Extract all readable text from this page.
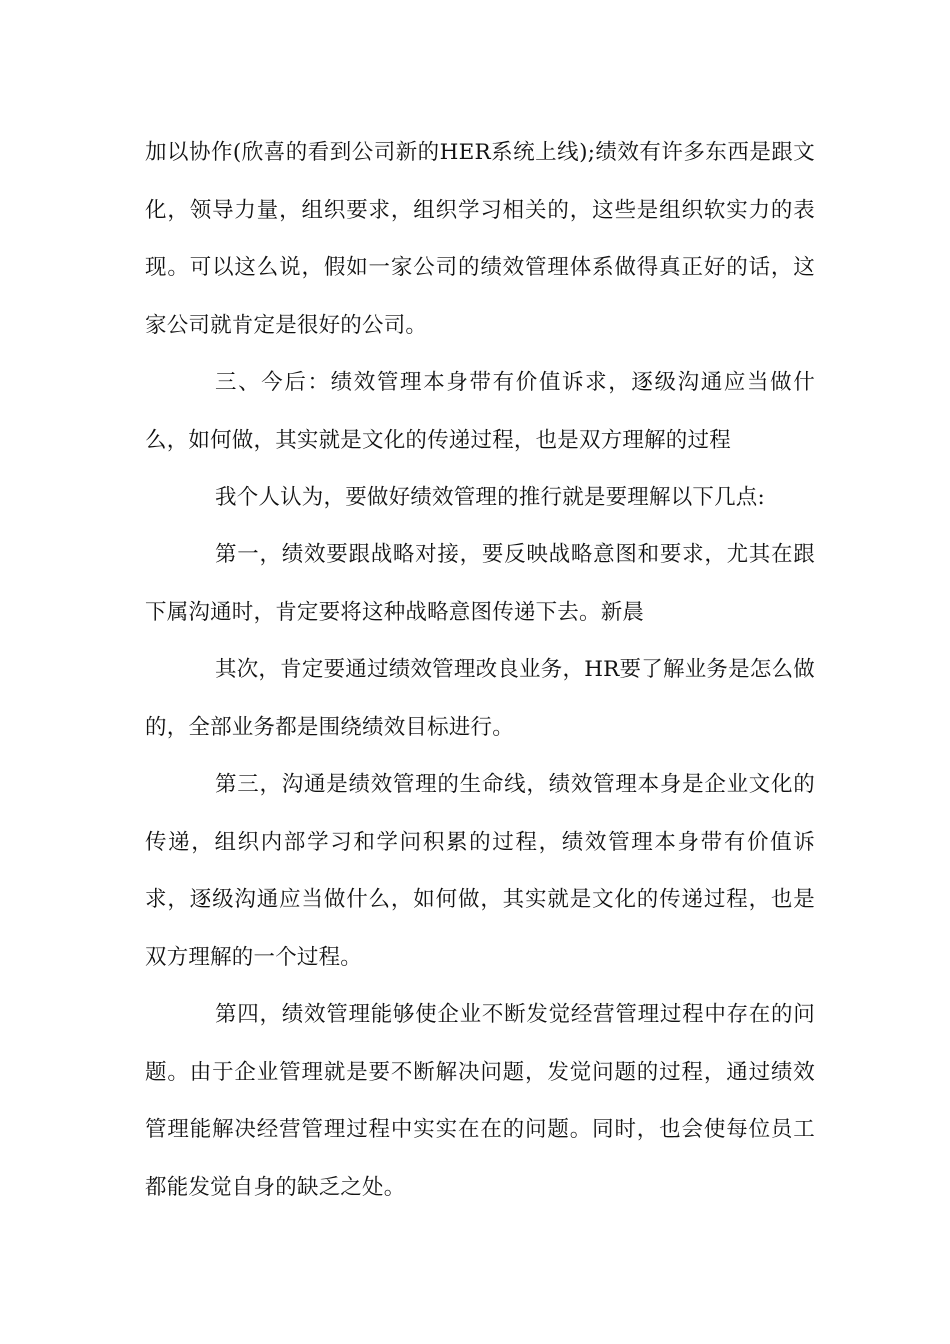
加以协作(欣喜的看到公司新的HER系统上线);绩效有许多东西是跟文化，领导力量，组织要求，组织学习相关的，这些是组织软实力的表现。可以这么说，假如一家公司的绩效管理体系做得真正好的话，这家公司就肯定是很好的公司。

三、今后：绩效管理本身带有价值诉求，逐级沟通应当做什么，如何做，其实就是文化的传递过程，也是双方理解的过程

我个人认为，要做好绩效管理的推行就是要理解以下几点:

第一，绩效要跟战略对接，要反映战略意图和要求，尤其在跟下属沟通时，肯定要将这种战略意图传递下去。新晨

其次，肯定要通过绩效管理改良业务，HR要了解业务是怎么做的，全部业务都是围绕绩效目标进行。

第三，沟通是绩效管理的生命线，绩效管理本身是企业文化的传递，组织内部学习和学问积累的过程，绩效管理本身带有价值诉求，逐级沟通应当做什么，如何做，其实就是文化的传递过程，也是双方理解的一个过程。

第四，绩效管理能够使企业不断发觉经营管理过程中存在的问题。由于企业管理就是要不断解决问题，发觉问题的过程，通过绩效管理能解决经营管理过程中实实在在的问题。同时，也会使每位员工都能发觉自身的缺乏之处。
